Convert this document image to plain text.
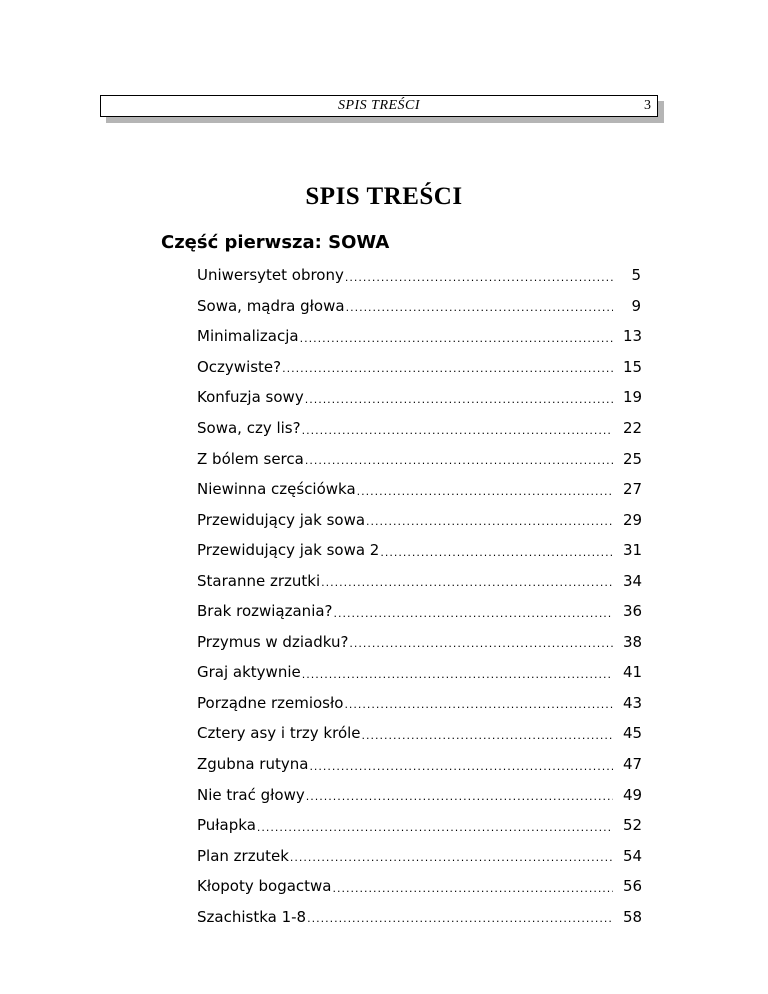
SPIS TREŚCI	3
SPIS TREŚCI
Część pierwsza: SOWA
Uniwersytet obrony .....	5
Sowa, mądra głowa .....	9
Minimalizacja .....	13
Oczywiste? .....	15
Konfuzja sowy .....	19
Sowa, czy lis? .....	22
Z bólem serca .....	25
Niewinna częściówka .....	27
Przewidujący jak sowa .....	29
Przewidujący jak sowa 2 .....	31
Staranne zrzutki .....	34
Brak rozwiązania? .....	36
Przymus w dziadku? .....	38
Graj aktywnie .....	41
Porządne rzemiosło .....	43
Cztery asy i trzy króle .....	45
Zgubna rutyna .....	47
Nie trać głowy .....	49
Pułapka .....	52
Plan zrzutek .....	54
Kłopoty bogactwa .....	56
Szachistka 1-8 .....	58
